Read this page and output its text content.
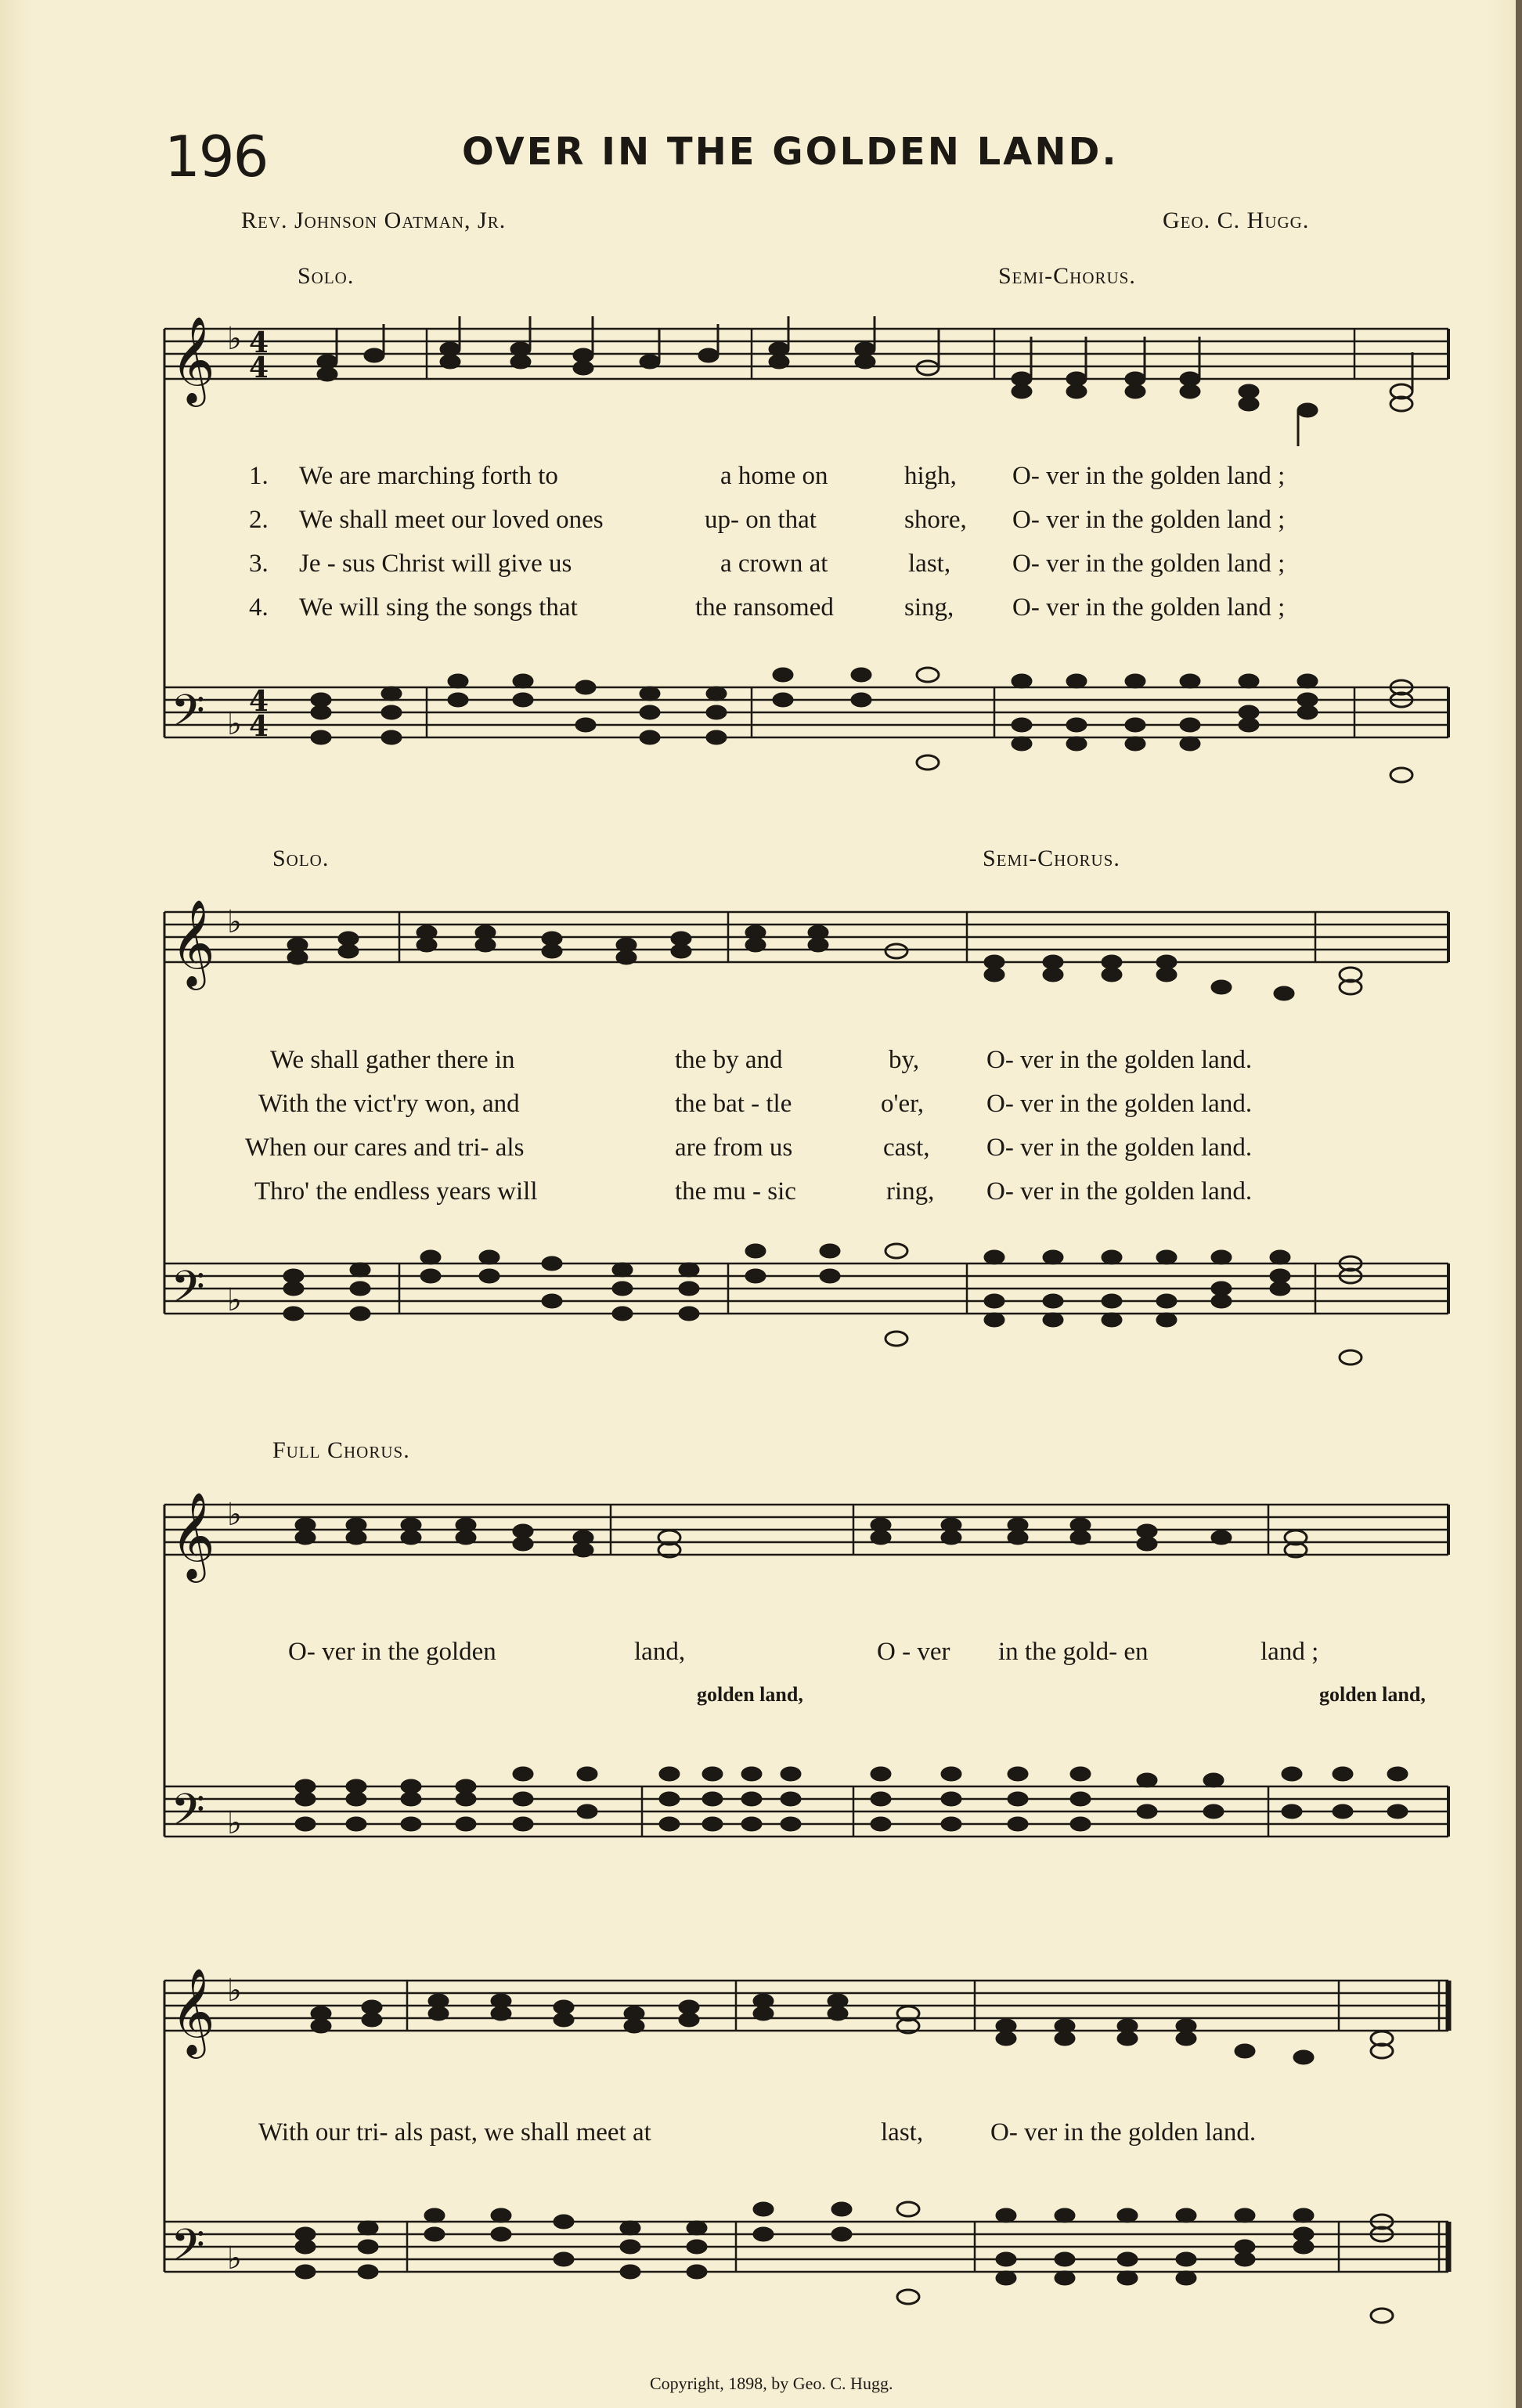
196	OVER IN THE GOLDEN LAND.
Rev. Johnson Oatman, Jr.	Geo. C. Hugg.
Solo.	Semi-Chorus.
Solo.	Semi-Chorus.
Full Chorus.
𝄞
𝄢
𝄞
𝄢
𝄞
𝄢
𝄞
𝄢
♭
♭
♭
♭
♭
♭
♭
♭
4
4
4
4
1. We are marching forth to	a home on	high, O- ver in the golden land ;
2. We shall meet our loved ones	up- on that	shore, O- ver in the golden land ;
3. Je - sus Christ will give us	a crown at	last, O- ver in the golden land ;
4. We will sing the songs that	the ransomed	sing, O- ver in the golden land ;
We shall gather there in	the by and	by,	O- ver in the golden land.
With the vict'ry won, and	the bat - tle	o'er, O- ver in the golden land.
When our cares and tri- als	are from us	cast, O- ver in the golden land.
Thro' the endless years will	the mu - sic	ring, O- ver in the golden land.
O- ver in the golden	land,	O - ver in the gold- en	land ;
golden land,	golden land,
With our tri- als past, we shall meet at	last,	O- ver in the golden land.
Copyright, 1898, by Geo. C. Hugg.
